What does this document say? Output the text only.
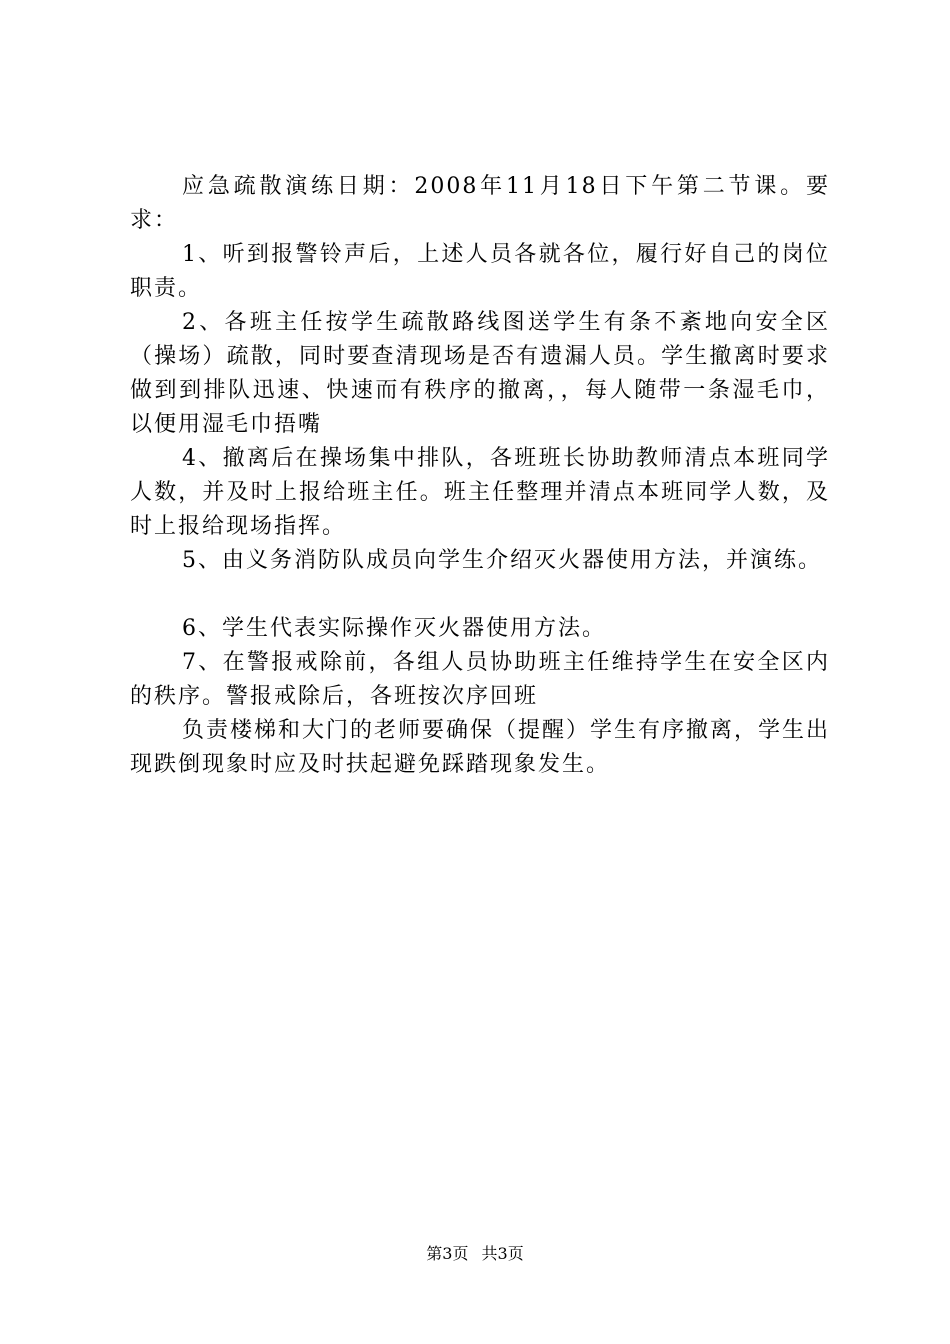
应急疏散演练日期：2008年11月18日下午第二节课。要求：

1、听到报警铃声后，上述人员各就各位，履行好自己的岗位职责。

2、各班主任按学生疏散路线图送学生有条不紊地向安全区（操场）疏散，同时要查清现场是否有遗漏人员。学生撤离时要求做到到排队迅速、快速而有秩序的撤离，，每人随带一条湿毛巾，以便用湿毛巾捂嘴

4、撤离后在操场集中排队，各班班长协助教师清点本班同学人数，并及时上报给班主任。班主任整理并清点本班同学人数，及时上报给现场指挥。

5、由义务消防队成员向学生介绍灭火器使用方法，并演练。

6、学生代表实际操作灭火器使用方法。

7、在警报戒除前，各组人员协助班主任维持学生在安全区内的秩序。警报戒除后，各班按次序回班

负责楼梯和大门的老师要确保（提醒）学生有序撤离，学生出现跌倒现象时应及时扶起避免踩踏现象发生。

第3页 共3页
